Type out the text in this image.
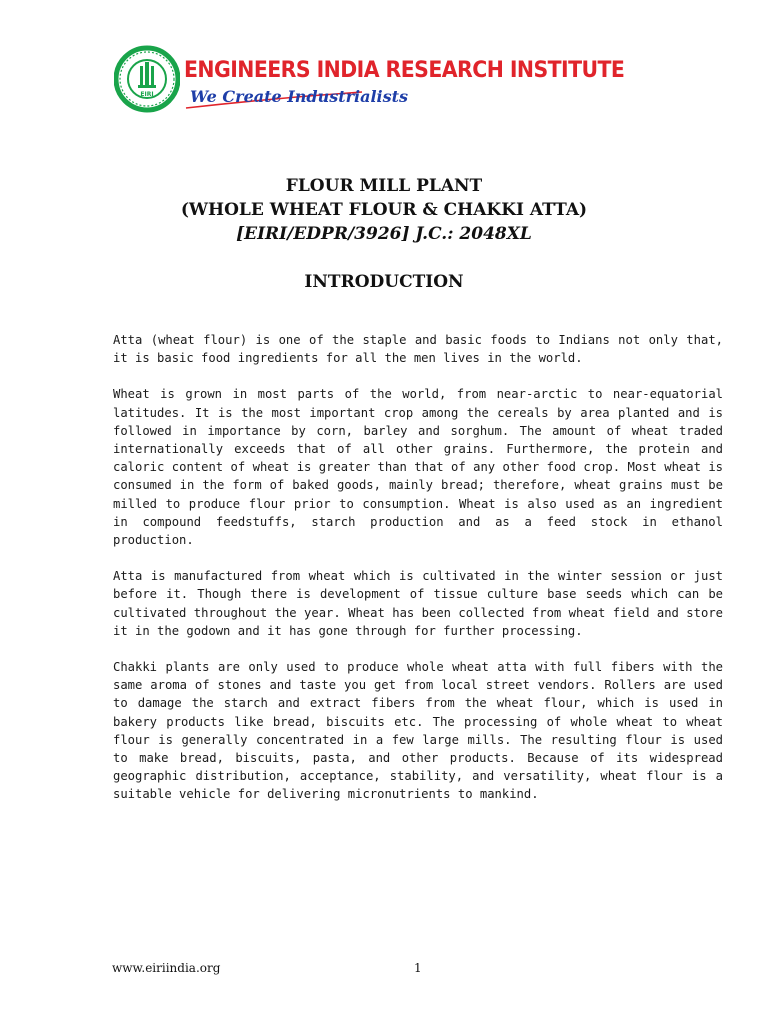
EIRI
ENGINEERS INDIA RESEARCH INSTITUTE
We Create Industrialists
FLOUR MILL PLANT
(WHOLE WHEAT FLOUR & CHAKKI ATTA)
[EIRI/EDPR/3926] J.C.: 2048XL
INTRODUCTION

Atta (wheat flour) is one of the staple and basic foods to Indians not only that, it is basic food ingredients for all the men lives in the world.

Wheat is grown in most parts of the world, from near-arctic to near-equatorial latitudes. It is the most important crop among the cereals by area planted and is followed in importance by corn, barley and sorghum. The amount of wheat traded internationally exceeds that of all other grains. Furthermore, the protein and caloric content of wheat is greater than that of any other food crop. Most wheat is consumed in the form of baked goods, mainly bread; therefore, wheat grains must be milled to produce flour prior to consumption. Wheat is also used as an ingredient in compound feedstuffs, starch production and as a feed stock in ethanol production.

Atta is manufactured from wheat which is cultivated in the winter session or just before it. Though there is development of tissue culture base seeds which can be cultivated throughout the year. Wheat has been collected from wheat field and store it in the godown and it has gone through for further processing.

Chakki plants are only used to produce whole wheat atta with full fibers with the same aroma of stones and taste you get from local street vendors. Rollers are used to damage the starch and extract fibers from the wheat flour, which is used in bakery products like bread, biscuits etc. The processing of whole wheat to wheat flour is generally concentrated in a few large mills. The resulting flour is used to make bread, biscuits, pasta, and other products. Because of its widespread geographic distribution, acceptance, stability, and versatility, wheat flour is a suitable vehicle for delivering micronutrients to mankind.

www.eiriindia.org	1
